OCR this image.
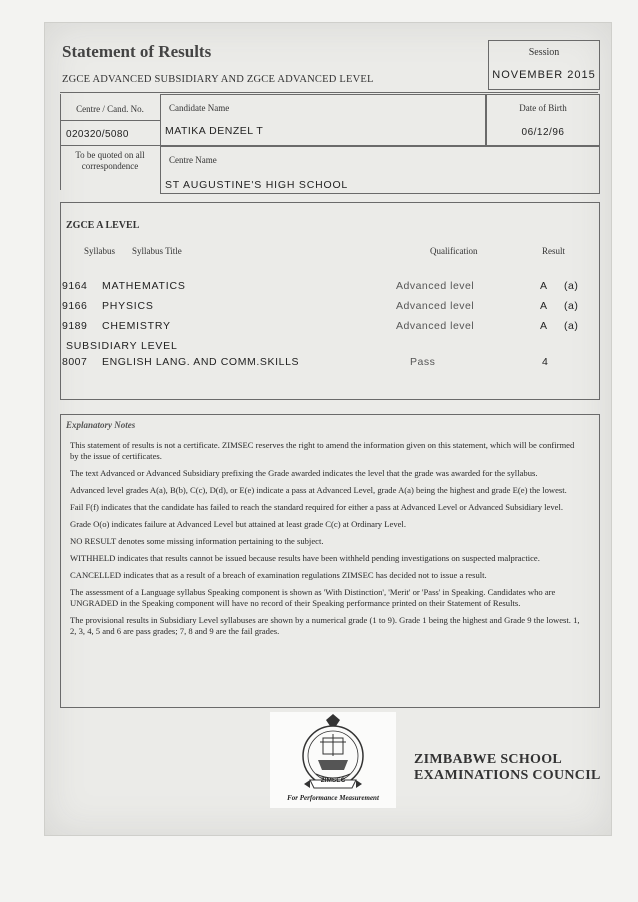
Statement of Results
ZGCE ADVANCED SUBSIDIARY AND ZGCE ADVANCED LEVEL
Session
NOVEMBER 2015
Centre / Cand. No.
020320/5080
To be quoted on all
correspondence
Candidate Name
MATIKA DENZEL T
Date of Birth
06/12/96
Centre Name
ST AUGUSTINE'S HIGH SCHOOL
ZGCE A LEVEL
Syllabus Syllabus Title	Qualification	Result
9164 MATHEMATICS	Advanced level	A (a)
9166 PHYSICS	Advanced level	A (a)
9189 CHEMISTRY	Advanced level	A (a)
SUBSIDIARY LEVEL
8007 ENGLISH LANG. AND COMM.SKILLS	Pass	4
Explanatory Notes

This statement of results is not a certificate. ZIMSEC reserves the right to amend the information given on this statement, which will be confirmed by the issue of certificates.

The text Advanced or Advanced Subsidiary prefixing the Grade awarded indicates the level that the grade was awarded for the syllabus.

Advanced level grades A(a), B(b), C(c), D(d), or E(e) indicate a pass at Advanced Level, grade A(a) being the highest and grade E(e) the lowest.

Fail F(f) indicates that the candidate has failed to reach the standard required for either a pass at Advanced Level or Advanced Subsidiary level.

Grade O(o) indicates failure at Advanced Level but attained at least grade C(c) at Ordinary Level.

NO RESULT denotes some missing information pertaining to the subject.

WITHHELD indicates that results cannot be issued because results have been withheld pending investigations on suspected malpractice.

CANCELLED indicates that as a result of a breach of examination regulations ZIMSEC has decided not to issue a result.

The assessment of a Language syllabus Speaking component is shown as 'With Distinction', 'Merit' or 'Pass' in Speaking. Candidates who are UNGRADED in the Speaking component will have no record of their Speaking performance printed on their Statement of Results.

The provisional results in Subsidiary Level syllabuses are shown by a numerical grade (1 to 9). Grade 1 being the highest and Grade 9 the lowest. 1, 2, 3, 4, 5 and 6 are pass grades; 7, 8 and 9 are the fail grades.

ZIMSEC
For Performance Measurement
ZIMBABWE SCHOOL
EXAMINATIONS COUNCIL
